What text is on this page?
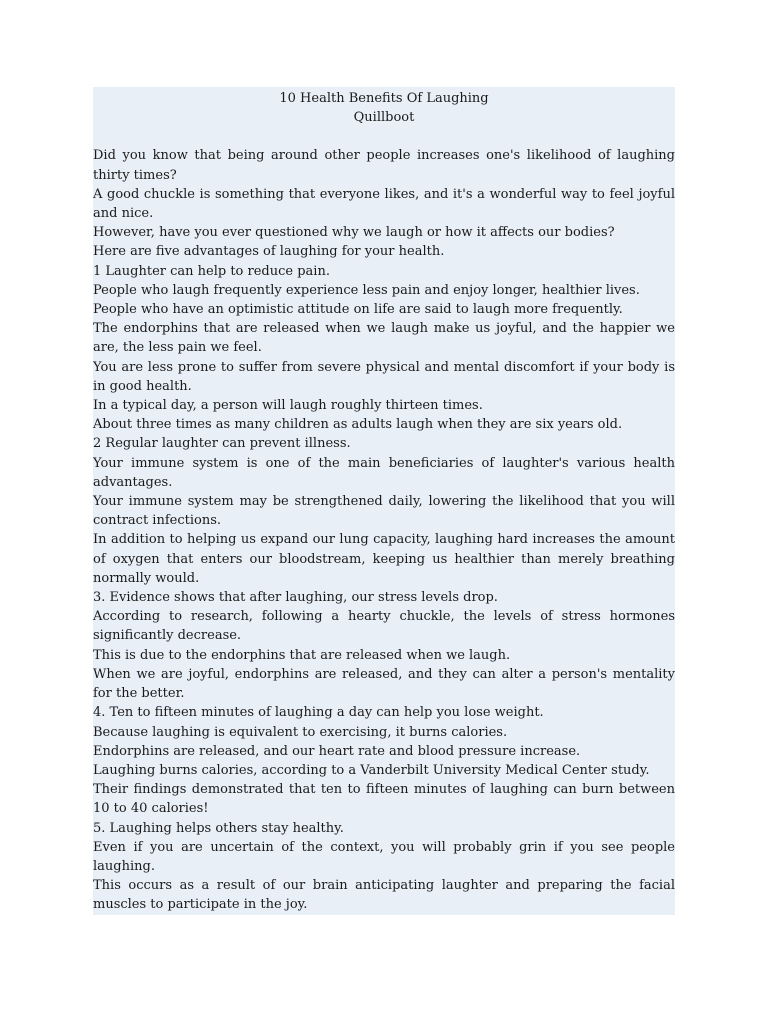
10 Health Benefits Of Laughing

Quillboot

Did you know that being around other people increases one's likelihood of laughing thirty times?

A good chuckle is something that everyone likes, and it's a wonderful way to feel joyful and nice.

However, have you ever questioned why we laugh or how it affects our bodies?

Here are five advantages of laughing for your health.

1 Laughter can help to reduce pain.

People who laugh frequently experience less pain and enjoy longer, healthier lives.

People who have an optimistic attitude on life are said to laugh more frequently.

The endorphins that are released when we laugh make us joyful, and the happier we are, the less pain we feel.

You are less prone to suffer from severe physical and mental discomfort if your body is in good health.

In a typical day, a person will laugh roughly thirteen times.

About three times as many children as adults laugh when they are six years old.

2 Regular laughter can prevent illness.

Your immune system is one of the main beneficiaries of laughter's various health advantages.

Your immune system may be strengthened daily, lowering the likelihood that you will contract infections.

In addition to helping us expand our lung capacity, laughing hard increases the amount of oxygen that enters our bloodstream, keeping us healthier than merely breathing normally would.

3. Evidence shows that after laughing, our stress levels drop.

According to research, following a hearty chuckle, the levels of stress hormones significantly decrease.

This is due to the endorphins that are released when we laugh.

When we are joyful, endorphins are released, and they can alter a person's mentality for the better.

4. Ten to fifteen minutes of laughing a day can help you lose weight.

Because laughing is equivalent to exercising, it burns calories.

Endorphins are released, and our heart rate and blood pressure increase.

Laughing burns calories, according to a Vanderbilt University Medical Center study.

Their findings demonstrated that ten to fifteen minutes of laughing can burn between 10 to 40 calories!

5. Laughing helps others stay healthy.

Even if you are uncertain of the context, you will probably grin if you see people laughing.

This occurs as a result of our brain anticipating laughter and preparing the facial muscles to participate in the joy.
